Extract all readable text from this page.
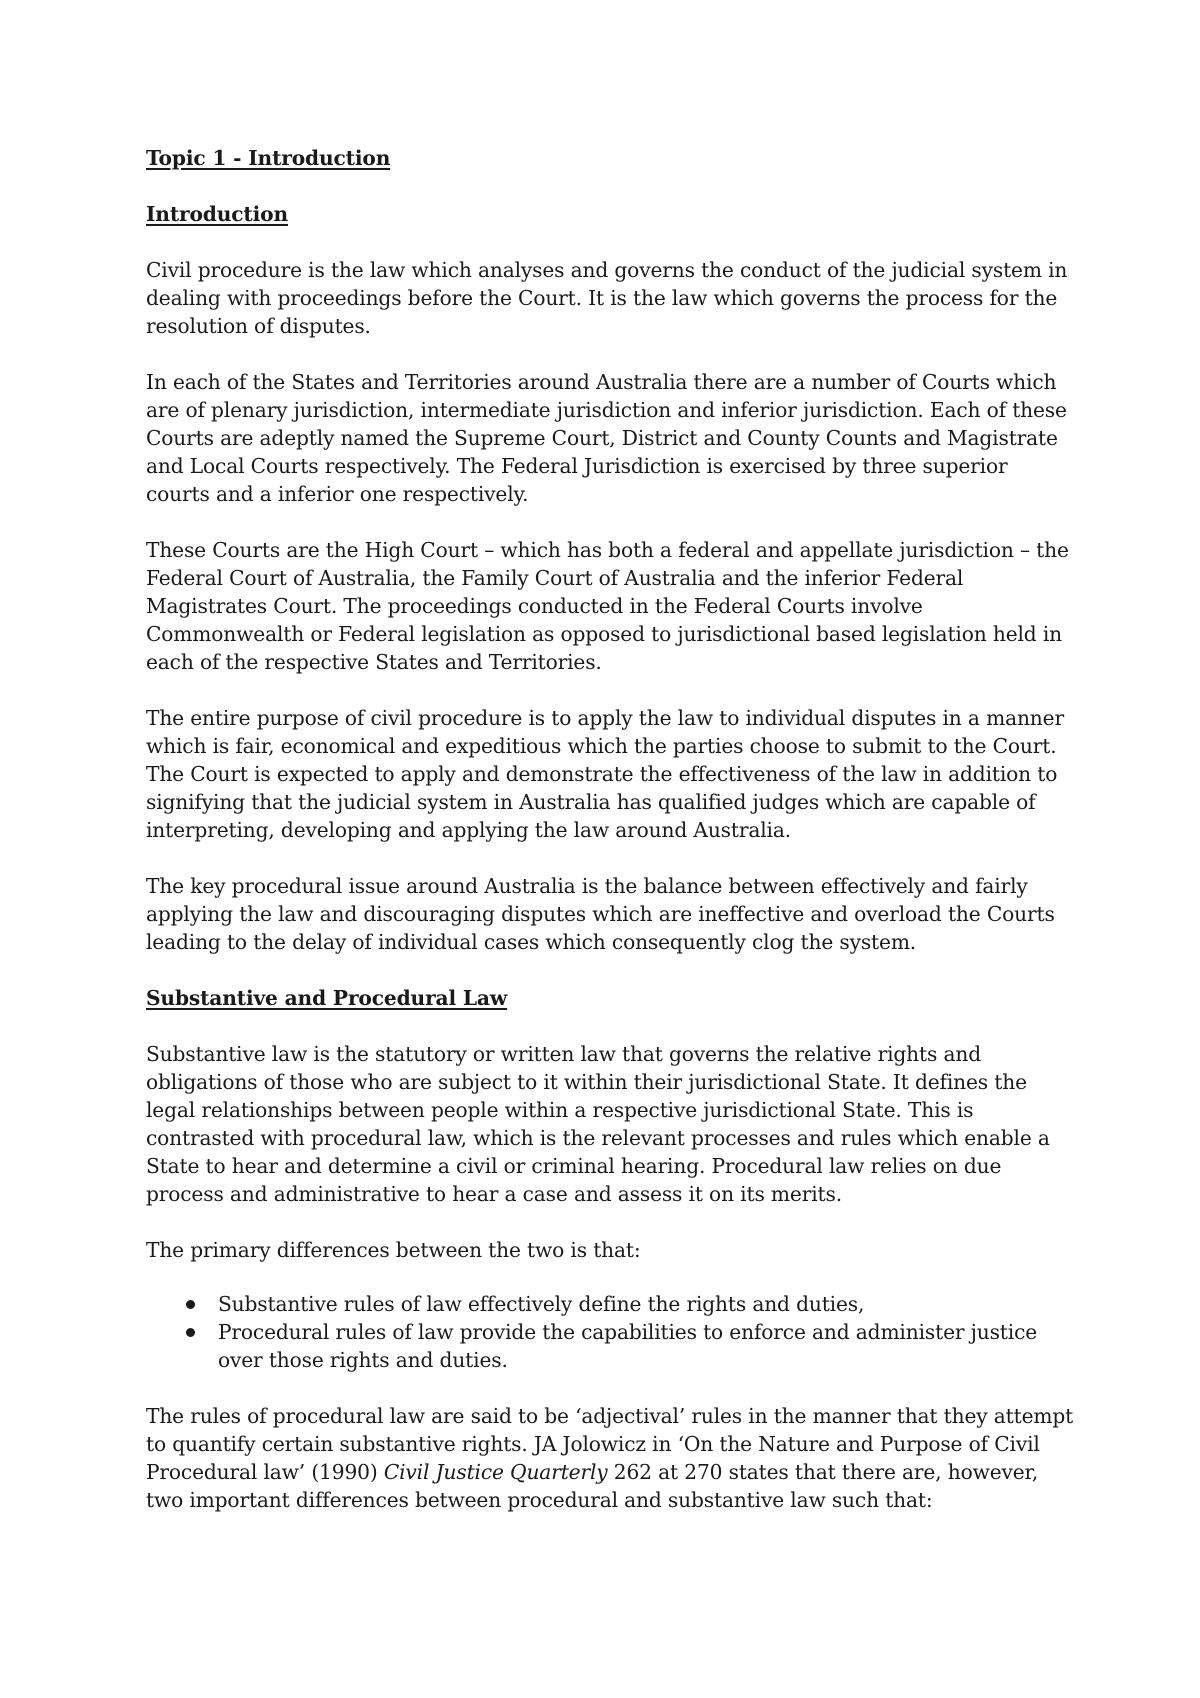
Topic 1 - Introduction

Introduction

Civil procedure is the law which analyses and governs the conduct of the judicial system in dealing with proceedings before the Court. It is the law which governs the process for the resolution of disputes.

In each of the States and Territories around Australia there are a number of Courts which are of plenary jurisdiction, intermediate jurisdiction and inferior jurisdiction. Each of these Courts are adeptly named the Supreme Court, District and County Counts and Magistrate and Local Courts respectively. The Federal Jurisdiction is exercised by three superior courts and a inferior one respectively.

These Courts are the High Court – which has both a federal and appellate jurisdiction – the Federal Court of Australia, the Family Court of Australia and the inferior Federal Magistrates Court. The proceedings conducted in the Federal Courts involve Commonwealth or Federal legislation as opposed to jurisdictional based legislation held in each of the respective States and Territories.

The entire purpose of civil procedure is to apply the law to individual disputes in a manner which is fair, economical and expeditious which the parties choose to submit to the Court. The Court is expected to apply and demonstrate the effectiveness of the law in addition to signifying that the judicial system in Australia has qualified judges which are capable of interpreting, developing and applying the law around Australia.

The key procedural issue around Australia is the balance between effectively and fairly applying the law and discouraging disputes which are ineffective and overload the Courts leading to the delay of individual cases which consequently clog the system.

Substantive and Procedural Law

Substantive law is the statutory or written law that governs the relative rights and obligations of those who are subject to it within their jurisdictional State. It defines the legal relationships between people within a respective jurisdictional State. This is contrasted with procedural law, which is the relevant processes and rules which enable a State to hear and determine a civil or criminal hearing. Procedural law relies on due process and administrative to hear a case and assess it on its merits.

The primary differences between the two is that:

Substantive rules of law effectively define the rights and duties,
Procedural rules of law provide the capabilities to enforce and administer justice over those rights and duties.

The rules of procedural law are said to be ‘adjectival’ rules in the manner that they attempt to quantify certain substantive rights. JA Jolowicz in ‘On the Nature and Purpose of Civil Procedural law’ (1990) Civil Justice Quarterly 262 at 270 states that there are, however, two important differences between procedural and substantive law such that:
